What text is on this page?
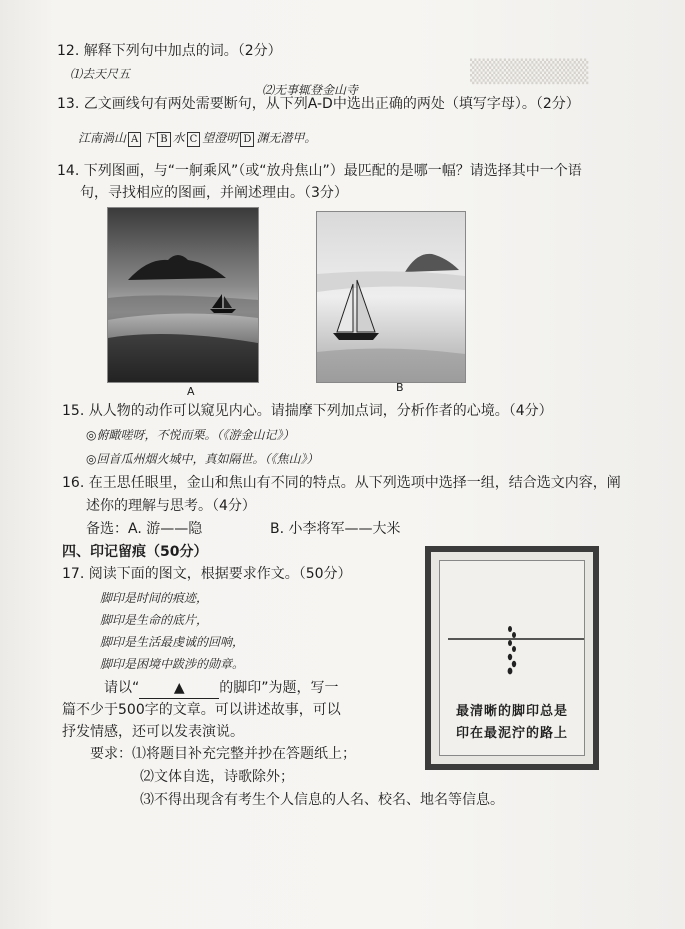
▒▒▒▒▒▒▒
12. 解释下列句中加点的词。（2分）
⑴去天尺五
⑵无事辄登金山寺
13. 乙文画线句有两处需要断句，从下列A-D中选出正确的两处（填写字母）。（2分）
江南渦山 A 下 B 水 C 望澄明 D 渊无潜甲。
14. 下列图画，与“一舸乘风”（或“放舟焦山”）最匹配的是哪一幅？请选择其中一个语
句，寻找相应的图画，并阐述理由。（3分）
A	B
15. 从人物的动作可以窥见内心。请揣摩下列加点词，分析作者的心境。（4分）
◎俯瞰嗟呀，不悦而栗。（《游金山记》）
◎回首瓜州烟火城中，真如隔世。（《焦山》）
16. 在王思任眼里，金山和焦山有不同的特点。从下列选项中选择一组，结合选文内容，阐
述你的理解与思考。（4分）
备选：A. 游——隐	B. 小李将军——大米
四、印记留痕（50分）
17. 阅读下面的图文，根据要求作文。（50分）
脚印是时间的痕迹，
脚印是生命的底片，
脚印是生活最虔诚的回响，
脚印是困境中跋涉的勋章。
请以“ ▲ 的脚印”为题，写一
篇不少于500字的文章。可以讲述故事，可以
抒发情感，还可以发表演说。
要求：⑴将题目补充完整并抄在答题纸上；
⑵文体自选，诗歌除外；
⑶不得出现含有考生个人信息的人名、校名、地名等信息。
最清晰的脚印总是
印在最泥泞的路上
